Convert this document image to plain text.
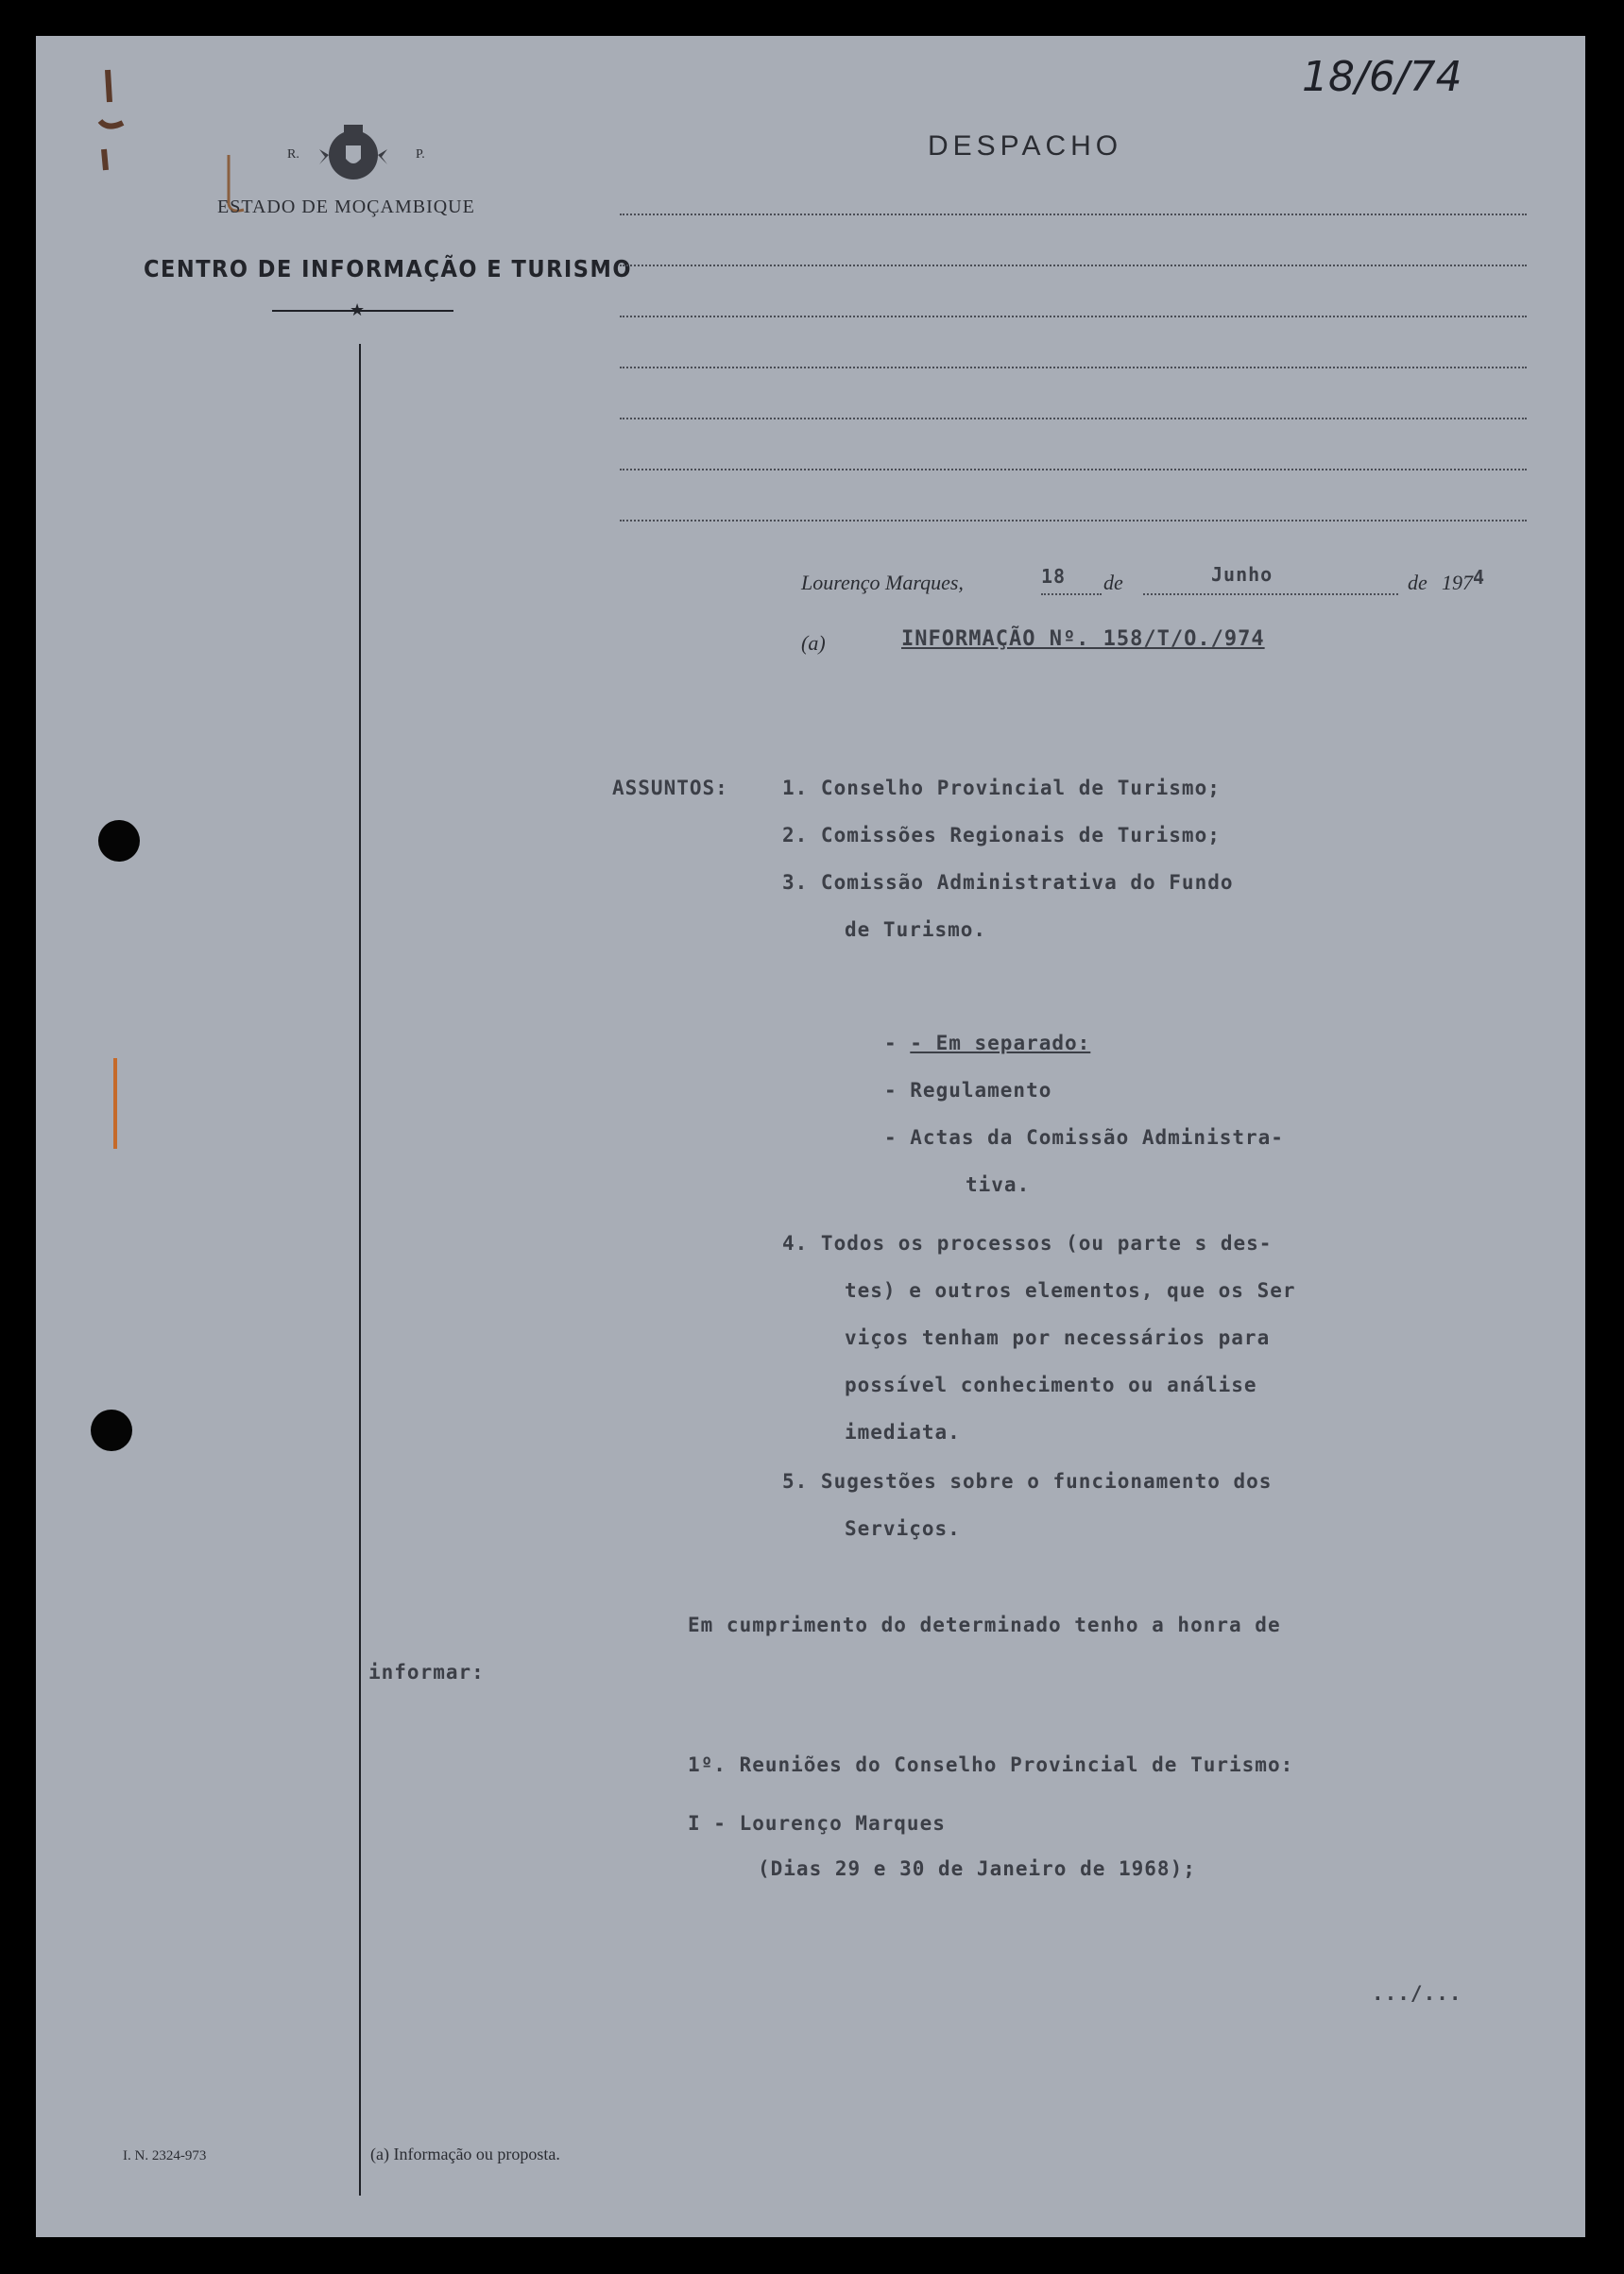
18/6/74
R.	P.
ESTADO DE MOÇAMBIQUE
CENTRO DE INFORMAÇÃO E TURISMO
★
DESPACHO
Lourenço Marques,	18 de	Junho	de 1974
(a)	INFORMAÇÃO Nº. 158/T/O./974
ASSUNTOS:	1. Conselho Provincial de Turismo;
2. Comissões Regionais de Turismo;
3. Comissão Administrativa do Fundo
de Turismo.
- - Em separado:
- Regulamento
- Actas da Comissão Administra-
tiva.
4. Todos os processos (ou parte s des-
tes) e outros elementos, que os Ser
viços tenham por necessários para
possível conhecimento ou análise
imediata.
5. Sugestões sobre o funcionamento dos
Serviços.
Em cumprimento do determinado tenho a honra de
informar:
1º. Reuniões do Conselho Provincial de Turismo:
I - Lourenço Marques
(Dias 29 e 30 de Janeiro de 1968);
.../...
I. N. 2324-973	(a) Informação ou proposta.
